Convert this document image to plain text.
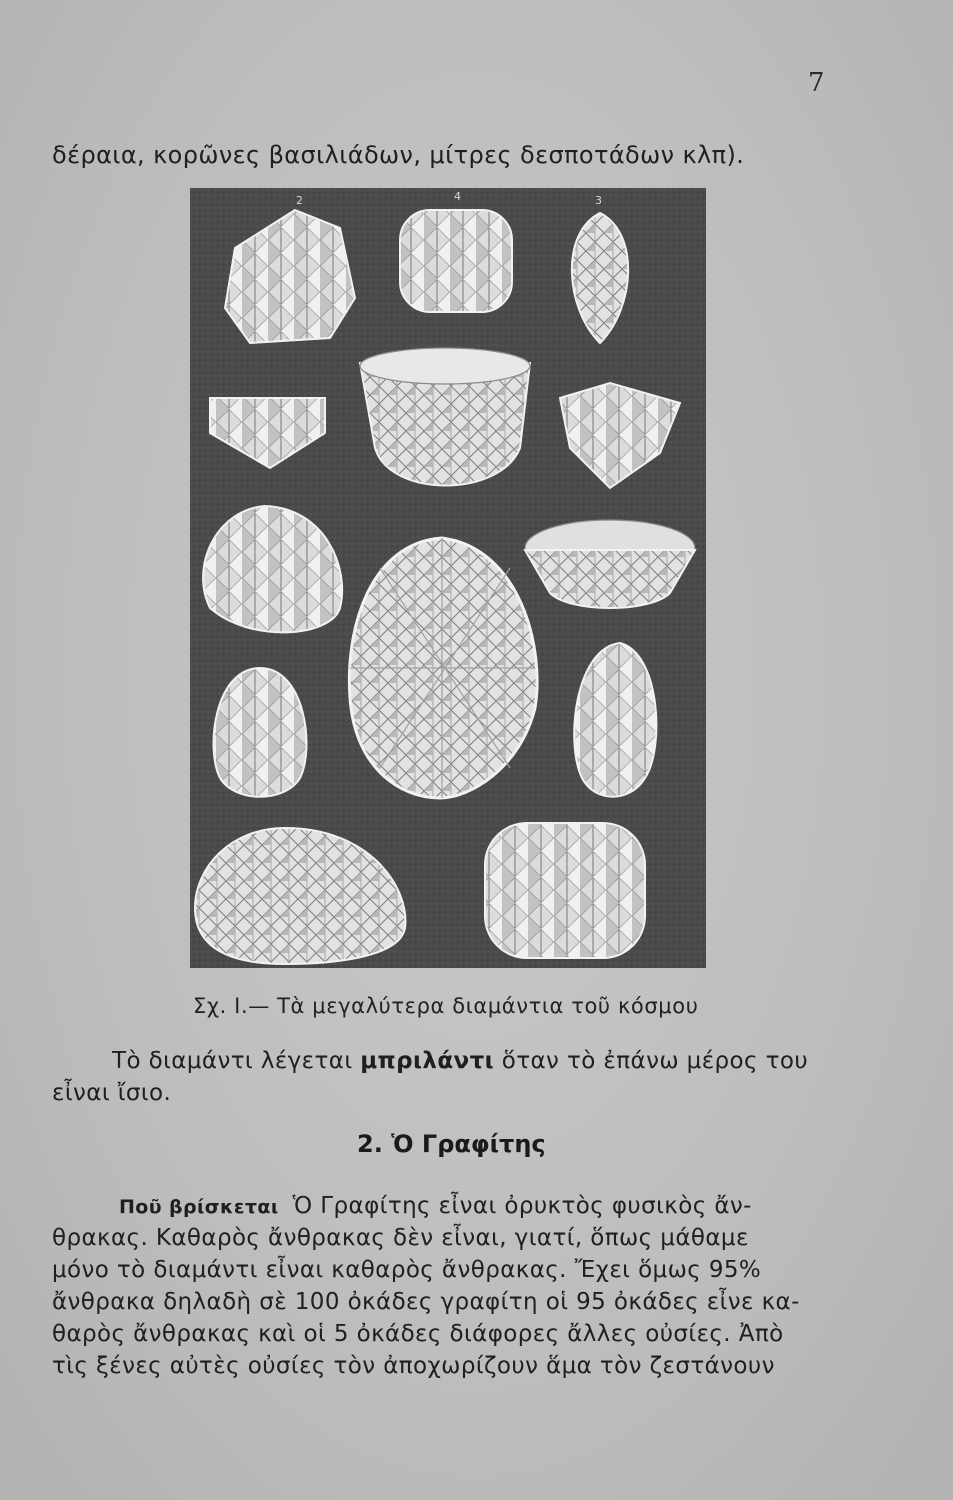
7
δέραια, κορῶνες βασιλιάδων, μίτρες δεσποτάδων κλπ).
2	4	3
Σχ. Ι.— Τὰ μεγαλύτερα διαμάντια τοῦ κόσμου
Τὸ διαμάντι λέγεται μπριλάντι ὅταν τὸ ἐπάνω μέρος του
εἶναι ἴσιο.
2. Ὁ Γραφίτης
Ποῦ βρίσκεται Ὁ Γραφίτης εἶναι ὀρυκτὸς φυσικὸς ἄν-
θρακας. Καθαρὸς ἄνθρακας δὲν εἶναι, γιατί, ὅπως μάθαμε
μόνο τὸ διαμάντι εἶναι καθαρὸς ἄνθρακας. Ἔχει ὅμως 95%
ἄνθρακα δηλαδὴ σὲ 100 ὀκάδες γραφίτη οἱ 95 ὀκάδες εἶνε κα-
θαρὸς ἄνθρακας καὶ οἱ 5 ὀκάδες διάφορες ἄλλες οὐσίες. Ἀπὸ
τὶς ξένες αὐτὲς οὐσίες τὸν ἀποχωρίζουν ἅμα τὸν ζεστάνουν
